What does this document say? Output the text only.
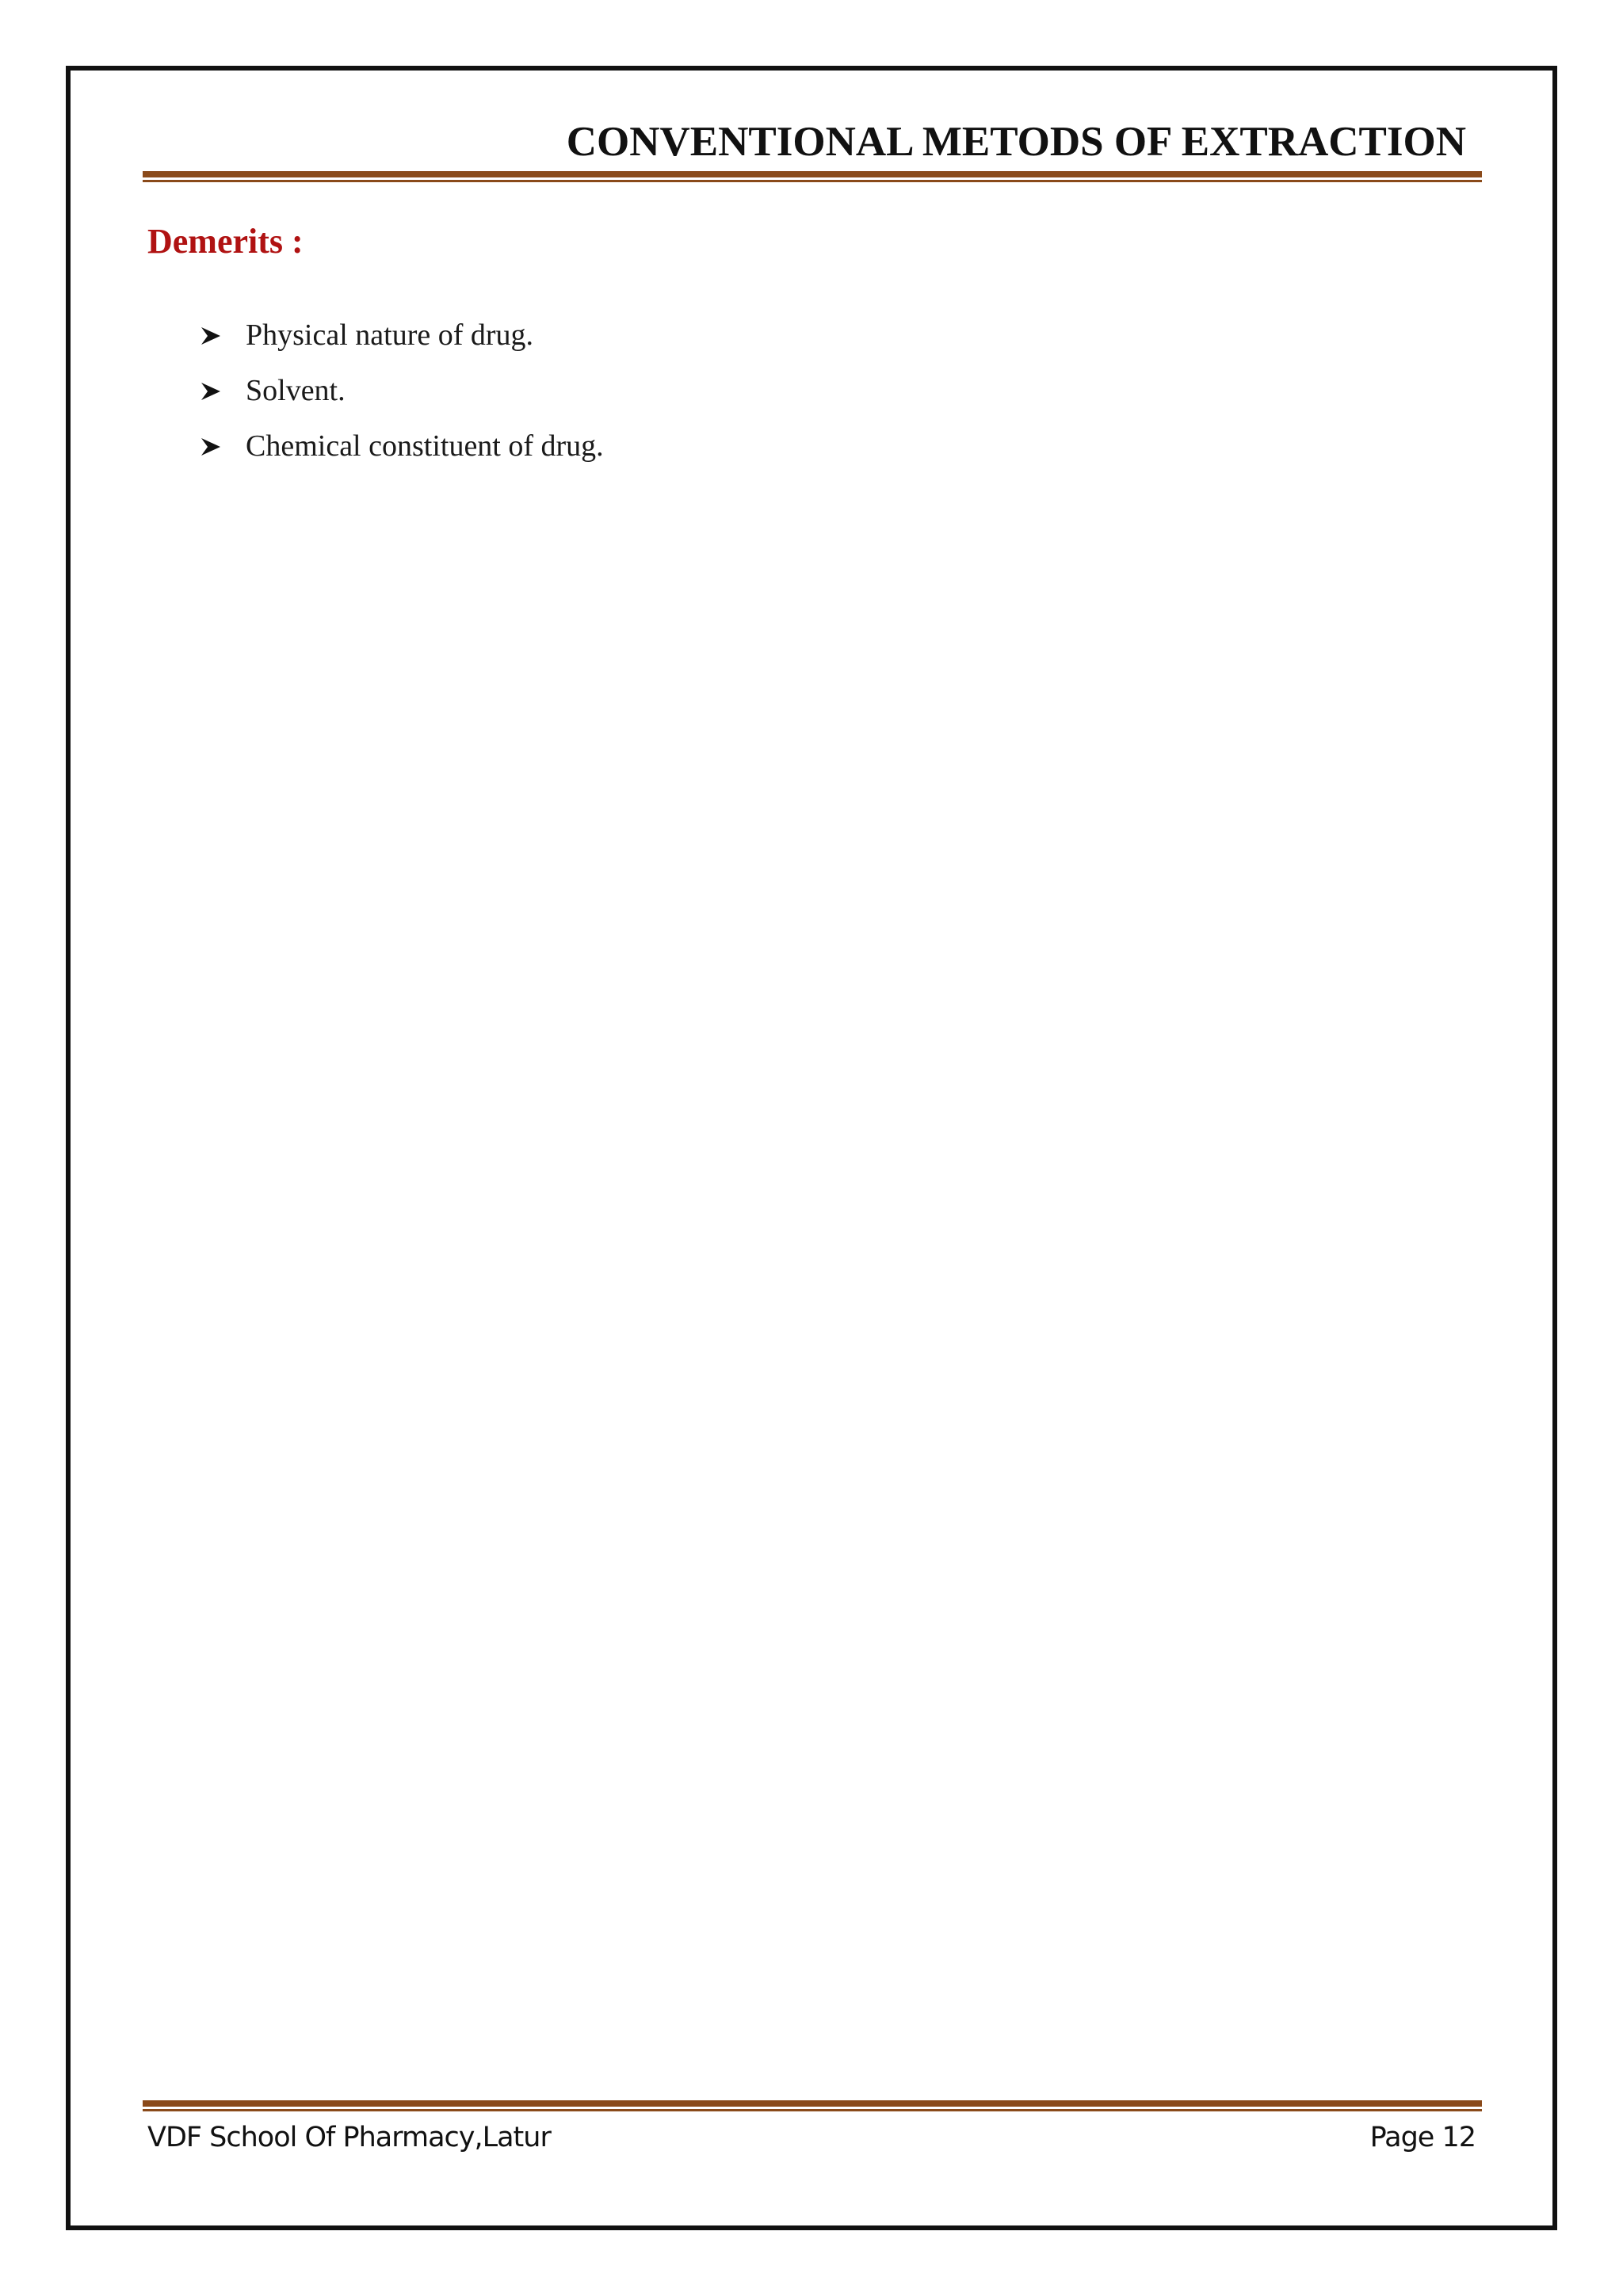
CONVENTIONAL METODS OF EXTRACTION
Demerits :
Physical nature of drug.
Solvent.
Chemical constituent of drug.
VDF School Of Pharmacy,Latur	Page 12
